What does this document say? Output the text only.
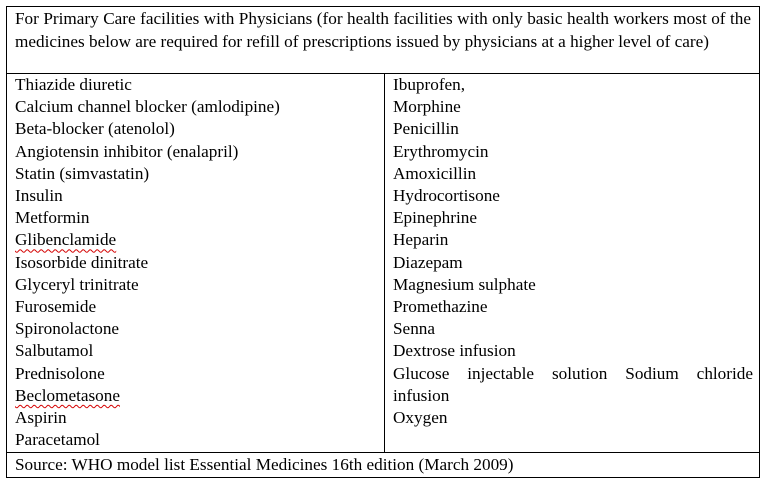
For Primary Care facilities with Physicians (for health facilities with only basic health workers most of the medicines below are required for refill of prescriptions issued by physicians at a higher level of care)
Thiazide diuretic
Calcium channel blocker (amlodipine)
Beta-blocker (atenolol)
Angiotensin inhibitor (enalapril)
Statin (simvastatin)
Insulin
Metformin
Glibenclamide
Isosorbide dinitrate
Glyceryl trinitrate
Furosemide
Spironolactone
Salbutamol
Prednisolone
Beclometasone
Aspirin
Paracetamol
Ibuprofen,
Morphine
Penicillin
Erythromycin
Amoxicillin
Hydrocortisone
Epinephrine
Heparin
Diazepam
Magnesium sulphate
Promethazine
Senna
Dextrose infusion
Glucose injectable solution Sodium chloride infusion
Oxygen
Source: WHO model list Essential Medicines 16th edition (March 2009)
